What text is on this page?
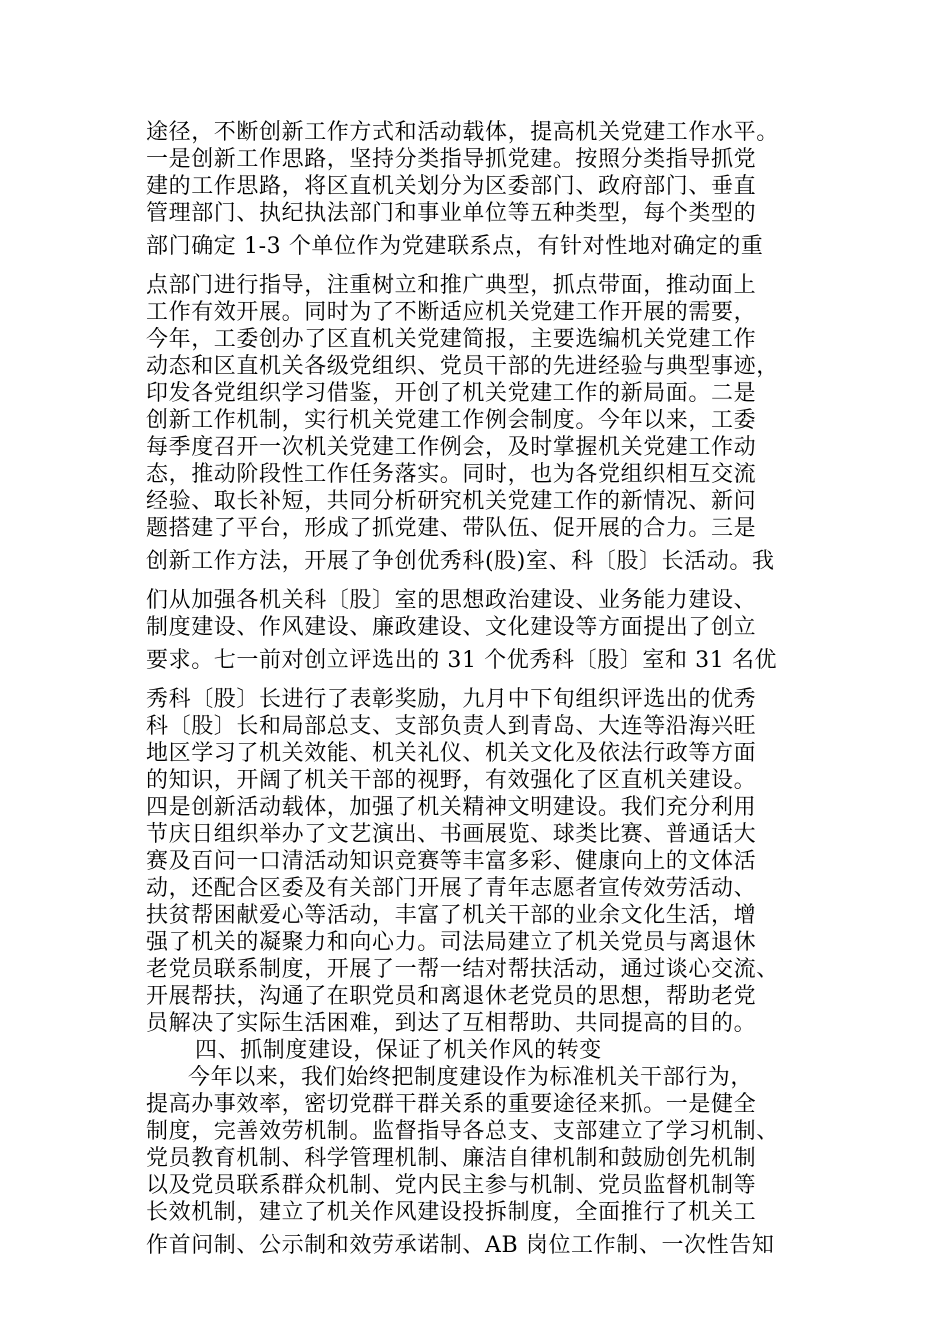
途径，不断创新工作方式和活动载体，提高机关党建工作水平。
一是创新工作思路，坚持分类指导抓党建。按照分类指导抓党
建的工作思路，将区直机关划分为区委部门、政府部门、垂直
管理部门、执纪执法部门和事业单位等五种类型，每个类型的
部门确定 1-3 个单位作为党建联系点，有针对性地对确定的重
点部门进行指导，注重树立和推广典型，抓点带面，推动面上
工作有效开展。同时为了不断适应机关党建工作开展的需要，
今年，工委创办了区直机关党建简报，主要选编机关党建工作
动态和区直机关各级党组织、党员干部的先进经验与典型事迹，
印发各党组织学习借鉴，开创了机关党建工作的新局面。二是
创新工作机制，实行机关党建工作例会制度。今年以来，工委
每季度召开一次机关党建工作例会，及时掌握机关党建工作动
态，推动阶段性工作任务落实。同时，也为各党组织相互交流
经验、取长补短，共同分析研究机关党建工作的新情况、新问
题搭建了平台，形成了抓党建、带队伍、促开展的合力。三是
创新工作方法，开展了争创优秀科(股)室、科〔股〕长活动。我
们从加强各机关科〔股〕室的思想政治建设、业务能力建设、
制度建设、作风建设、廉政建设、文化建设等方面提出了创立
要求。七一前对创立评选出的 31 个优秀科〔股〕室和 31 名优
秀科〔股〕长进行了表彰奖励，九月中下旬组织评选出的优秀
科〔股〕长和局部总支、支部负责人到青岛、大连等沿海兴旺
地区学习了机关效能、机关礼仪、机关文化及依法行政等方面
的知识，开阔了机关干部的视野，有效强化了区直机关建设。
四是创新活动载体，加强了机关精神文明建设。我们充分利用
节庆日组织举办了文艺演出、书画展览、球类比赛、普通话大
赛及百问一口清活动知识竞赛等丰富多彩、健康向上的文体活
动，还配合区委及有关部门开展了青年志愿者宣传效劳活动、
扶贫帮困献爱心等活动，丰富了机关干部的业余文化生活，增
强了机关的凝聚力和向心力。司法局建立了机关党员与离退休
老党员联系制度，开展了一帮一结对帮扶活动，通过谈心交流、
开展帮扶，沟通了在职党员和离退休老党员的思想，帮助老党
员解决了实际生活困难，到达了互相帮助、共同提高的目的。
四、抓制度建设，保证了机关作风的转变
今年以来，我们始终把制度建设作为标准机关干部行为，
提高办事效率，密切党群干群关系的重要途径来抓。一是健全
制度，完善效劳机制。监督指导各总支、支部建立了学习机制、
党员教育机制、科学管理机制、廉洁自律机制和鼓励创先机制
以及党员联系群众机制、党内民主参与机制、党员监督机制等
长效机制，建立了机关作风建设投拆制度，全面推行了机关工
作首问制、公示制和效劳承诺制、AB 岗位工作制、一次性告知
